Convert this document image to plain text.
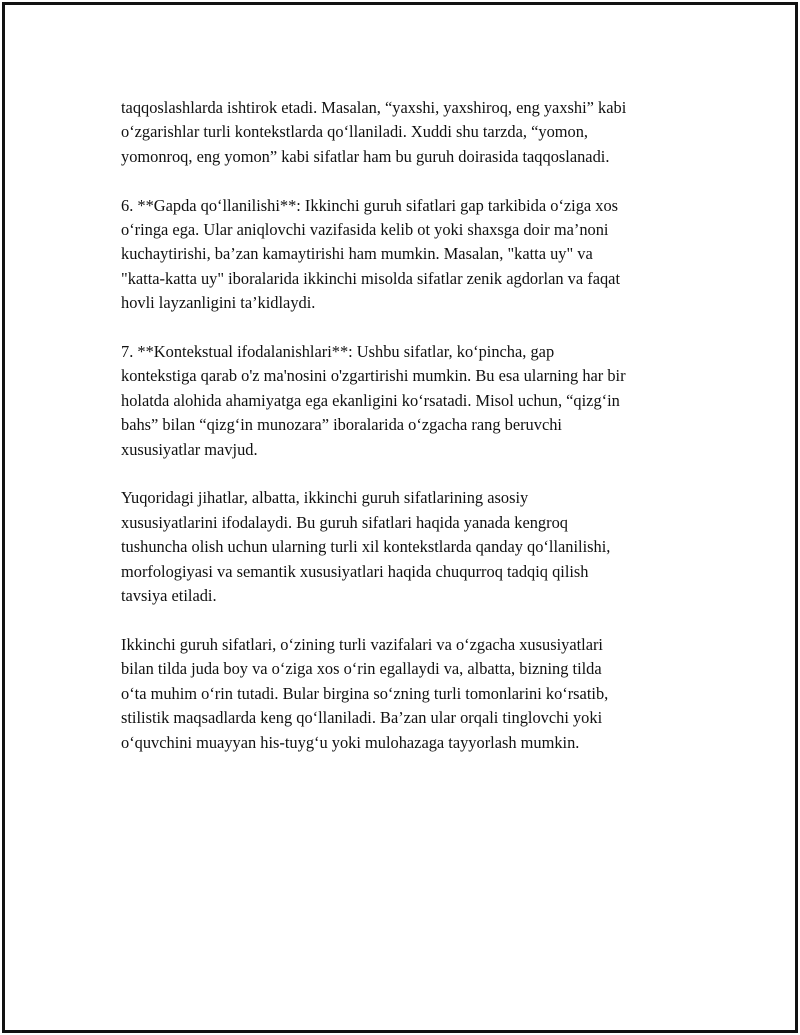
taqqoslashlarda ishtirok etadi. Masalan, “yaxshi, yaxshiroq, eng yaxshi” kabi
o‘zgarishlar turli kontekstlarda qo‘llaniladi. Xuddi shu tarzda, “yomon,
yomonroq, eng yomon” kabi sifatlar ham bu guruh doirasida taqqoslanadi.

6. **Gapda qo‘llanilishi**: Ikkinchi guruh sifatlari gap tarkibida o‘ziga xos
o‘ringa ega. Ular aniqlovchi vazifasida kelib ot yoki shaxsga doir ma’noni
kuchaytirishi, ba’zan kamaytirishi ham mumkin. Masalan, "katta uy" va
"katta-katta uy" iboralarida ikkinchi misolda sifatlar zenik agdorlan va faqat
hovli layzanligini ta’kidlaydi.

7. **Kontekstual ifodalanishlari**: Ushbu sifatlar, ko‘pincha, gap
kontekstiga qarab o'z ma'nosini o'zgartirishi mumkin. Bu esa ularning har bir
holatda alohida ahamiyatga ega ekanligini ko‘rsatadi. Misol uchun, “qizg‘in
bahs” bilan “qizg‘in munozara” iboralarida o‘zgacha rang beruvchi
xususiyatlar mavjud.

Yuqoridagi jihatlar, albatta, ikkinchi guruh sifatlarining asosiy
xususiyatlarini ifodalaydi. Bu guruh sifatlari haqida yanada kengroq
tushuncha olish uchun ularning turli xil kontekstlarda qanday qo‘llanilishi,
morfologiyasi va semantik xususiyatlari haqida chuqurroq tadqiq qilish
tavsiya etiladi.

Ikkinchi guruh sifatlari, o‘zining turli vazifalari va o‘zgacha xususiyatlari
bilan tilda juda boy va o‘ziga xos o‘rin egallaydi va, albatta, bizning tilda
o‘ta muhim o‘rin tutadi. Bular birgina so‘zning turli tomonlarini ko‘rsatib,
stilistik maqsadlarda keng qo‘llaniladi. Ba’zan ular orqali tinglovchi yoki
o‘quvchini muayyan his-tuyg‘u yoki mulohazaga tayyorlash mumkin.
